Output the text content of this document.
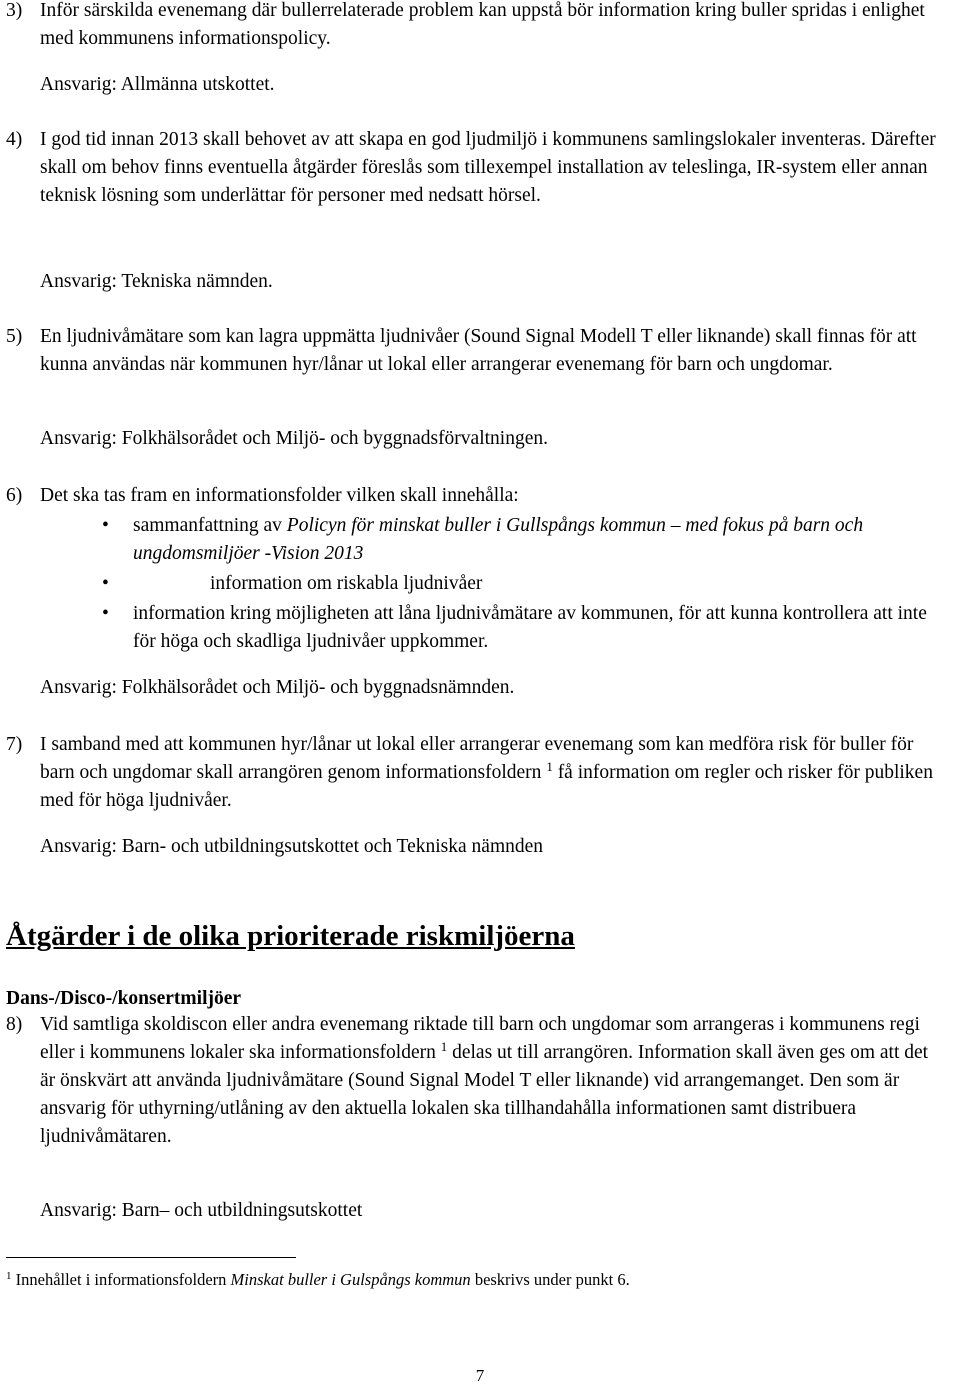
3) Inför särskilda evenemang där bullerrelaterade problem kan uppstå bör information kring buller spridas i enlighet med kommunens informationspolicy.
Ansvarig: Allmänna utskottet.
4) I god tid innan 2013 skall behovet av att skapa en god ljudmiljö i kommunens samlingslokaler inventeras. Därefter skall om behov finns eventuella åtgärder föreslås som tillexempel installation av teleslinga, IR-system eller annan teknisk lösning som underlättar för personer med nedsatt hörsel.
Ansvarig: Tekniska nämnden.
5) En ljudnivåmätare som kan lagra uppmätta ljudnivåer (Sound Signal Modell T eller liknande) skall finnas för att kunna användas när kommunen hyr/lånar ut lokal eller arrangerar evenemang för barn och ungdomar.
Ansvarig: Folkhälsorådet och Miljö- och byggnadsförvaltningen.
6) Det ska tas fram en informationsfolder vilken skall innehålla:
• sammanfattning av Policyn för minskat buller i Gullspångs kommun – med fokus på barn och ungdomsmiljöer -Vision 2013
•	information om riskabla ljudnivåer
• information kring möjligheten att låna ljudnivåmätare av kommunen, för att kunna kontrollera att inte för höga och skadliga ljudnivåer uppkommer.
Ansvarig: Folkhälsorådet och Miljö- och byggnadsnämnden.
7) I samband med att kommunen hyr/lånar ut lokal eller arrangerar evenemang som kan medföra risk för buller för barn och ungdomar skall arrangören genom informationsfoldern $^1$ få information om regler och risker för publiken med för höga ljudnivåer.
Ansvarig: Barn- och utbildningsutskottet och Tekniska nämnden
Åtgärder i de olika prioriterade riskmiljöerna
Dans-/Disco-/konsertmiljöer
8) Vid samtliga skoldiscon eller andra evenemang riktade till barn och ungdomar som arrangeras i kommunens regi eller i kommunens lokaler ska informationsfoldern $^1$ delas ut till arrangören. Information skall även ges om att det är önskvärt att använda ljudnivåmätare (Sound Signal Model T eller liknande) vid arrangemanget. Den som är ansvarig för uthyrning/utlåning av den aktuella lokalen ska tillhandahålla informationen samt distribuera ljudnivåmätaren.
Ansvarig: Barn– och utbildningsutskottet
$^1$ Innehållet i informationsfoldern Minskat buller i Gulspångs kommun beskrivs under punkt 6.
7
